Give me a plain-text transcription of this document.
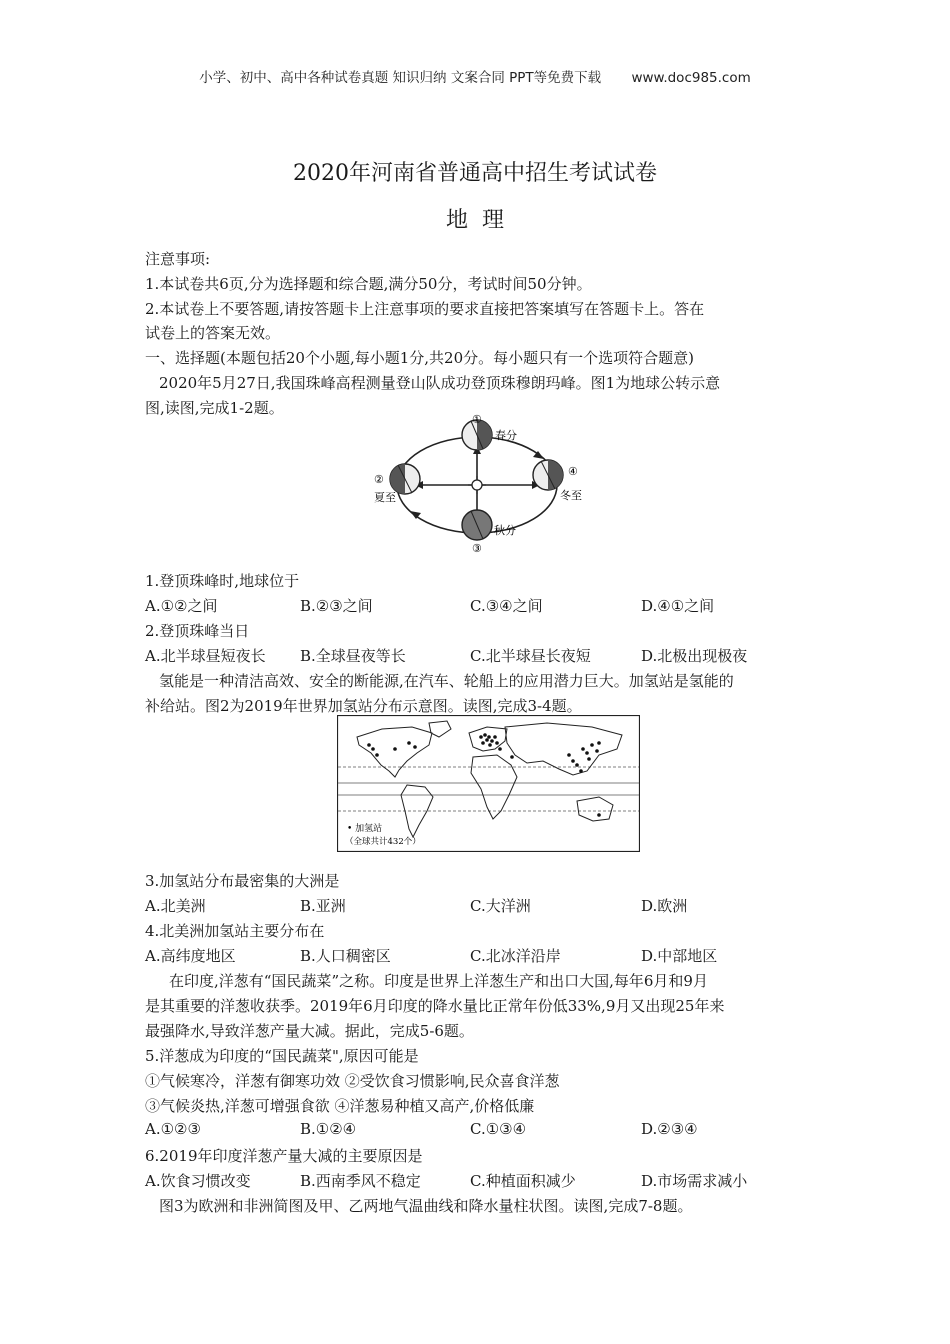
小学、初中、高中各种试卷真题 知识归纳 文案合同 PPT等免费下载 www.doc985.com
2020年河南省普通高中招生考试试卷
地理
注意事项:
1.本试卷共6页,分为选择题和综合题,满分50分，考试时间50分钟。
2.本试卷上不要答题,请按答题卡上注意事项的要求直接把答案填写在答题卡上。答在
试卷上的答案无效。
一、选择题(本题包括20个小题,每小题1分,共20分。每小题只有一个选项符合题意)
2020年5月27日,我国珠峰高程测量登山队成功登顶珠穆朗玛峰。图1为地球公转示意
图,读图,完成1-2题。
①
春分
②
夏至
③
秋分
④
冬至
1.登顶珠峰时,地球位于
A.①②之间	B.②③之间	C.③④之间	D.④①之间
2.登顶珠峰当日
A.北半球昼短夜长 B.全球昼夜等长	C.北半球昼长夜短	D.北极出现极夜
氢能是一种清洁高效、安全的断能源,在汽车、轮船上的应用潜力巨大。加氢站是氢能的
补给站。图2为2019年世界加氢站分布示意图。读图,完成3-4题。
• 加氢站
（全球共计432个）
3.加氢站分布最密集的大洲是
A.北美洲	B.亚洲	C.大洋洲	D.欧洲
4.北美洲加氢站主要分布在
A.高纬度地区	B.人口稠密区	C.北冰洋沿岸	D.中部地区
在印度,洋葱有“国民蔬菜”之称。印度是世界上洋葱生产和出口大国,每年6月和9月
是其重要的洋葱收获季。2019年6月印度的降水量比正常年份低33%,9月又出现25年来
最强降水,导致洋葱产量大减。据此，完成5-6题。
5.洋葱成为印度的“国民蔬菜",原因可能是
①气候寒冷，洋葱有御寒功效 ②受饮食习惯影响,民众喜食洋葱
③气候炎热,洋葱可增强食欲 ④洋葱易种植又高产,价格低廉
A.①②③	B.①②④	C.①③④	D.②③④
6.2019年印度洋葱产量大减的主要原因是
A.饮食习惯改变	B.西南季风不稳定	C.种植面积减少	D.市场需求减小
图3为欧洲和非洲简图及甲、乙两地气温曲线和降水量柱状图。读图,完成7-8题。
